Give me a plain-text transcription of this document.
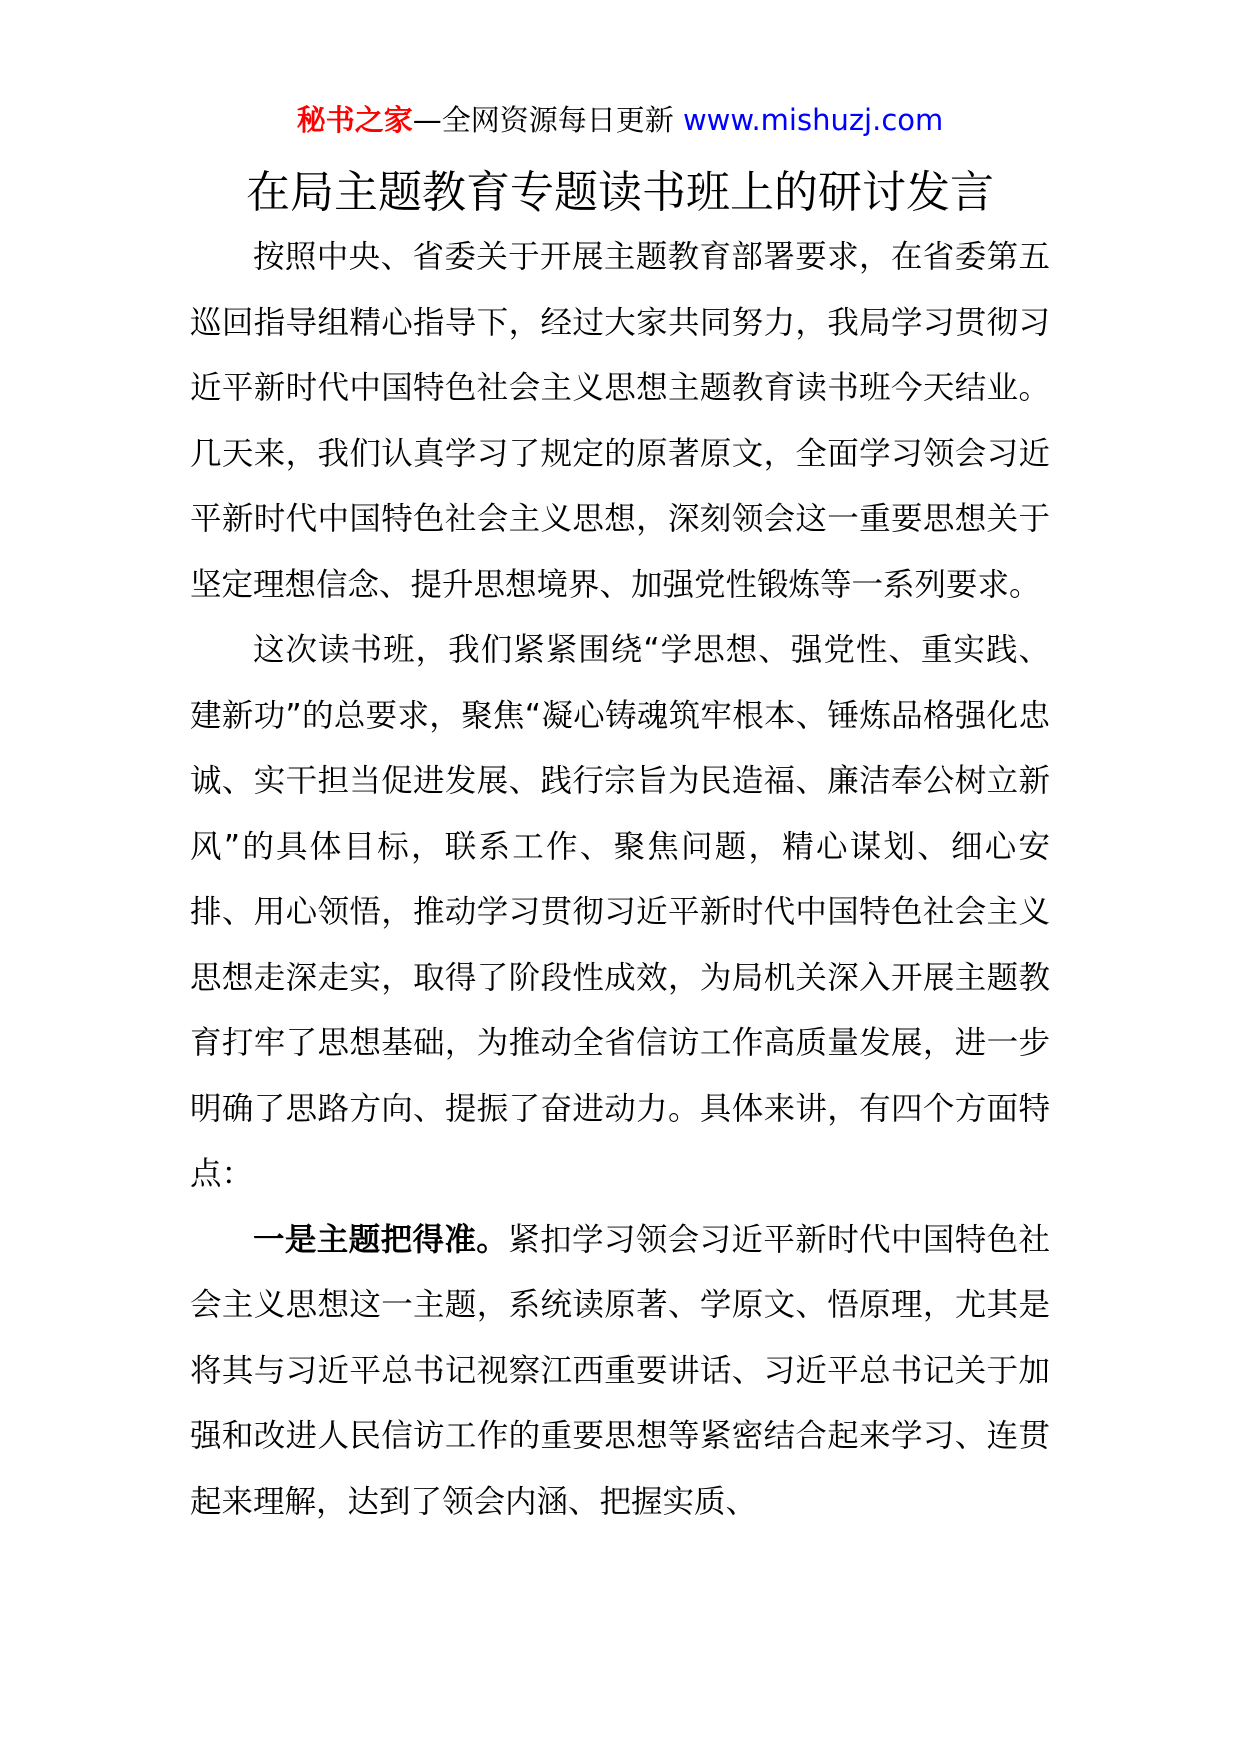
秘书之家—全网资源每日更新 www.mishuzj.com
在局主题教育专题读书班上的研讨发言

按照中央、省委关于开展主题教育部署要求，在省委第五巡回指导组精心指导下，经过大家共同努力，我局学习贯彻习近平新时代中国特色社会主义思想主题教育读书班今天结业。几天来，我们认真学习了规定的原著原文，全面学习领会习近平新时代中国特色社会主义思想，深刻领会这一重要思想关于坚定理想信念、提升思想境界、加强党性锻炼等一系列要求。

这次读书班，我们紧紧围绕“学思想、强党性、重实践、建新功”的总要求，聚焦“凝心铸魂筑牢根本、锤炼品格强化忠诚、实干担当促进发展、践行宗旨为民造福、廉洁奉公树立新风”的具体目标，联系工作、聚焦问题，精心谋划、细心安排、用心领悟，推动学习贯彻习近平新时代中国特色社会主义思想走深走实，取得了阶段性成效，为局机关深入开展主题教育打牢了思想基础，为推动全省信访工作高质量发展，进一步明确了思路方向、提振了奋进动力。具体来讲，有四个方面特点：

一是主题把得准。紧扣学习领会习近平新时代中国特色社会主义思想这一主题，系统读原著、学原文、悟原理，尤其是将其与习近平总书记视察江西重要讲话、习近平总书记关于加强和改进人民信访工作的重要思想等紧密结合起来学习、连贯起来理解，达到了领会内涵、把握实质、
